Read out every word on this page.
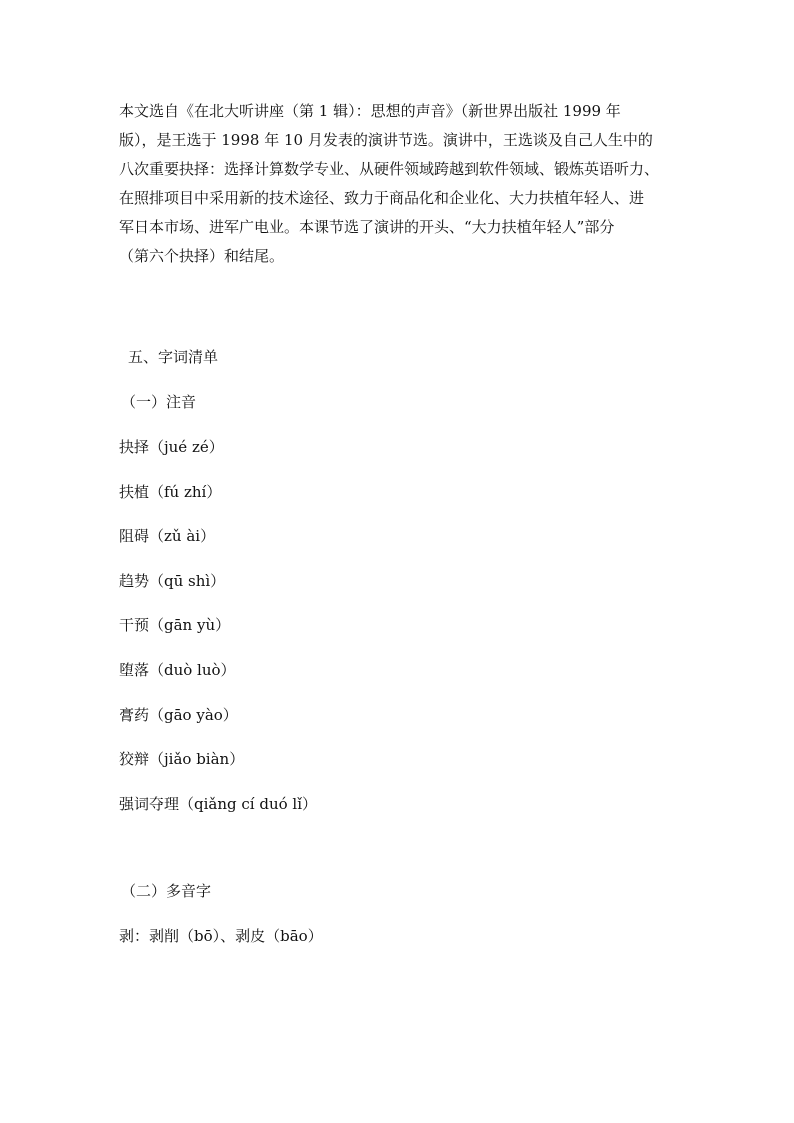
本文选自《在北大听讲座（第 1 辑）：思想的声音》（新世界出版社 1999 年
版），是王选于 1998 年 10 月发表的演讲节选。演讲中，王选谈及自己人生中的
八次重要抉择：选择计算数学专业、从硬件领域跨越到软件领域、锻炼英语听力、
在照排项目中采用新的技术途径、致力于商品化和企业化、大力扶植年轻人、进
军日本市场、进军广电业。本课节选了演讲的开头、“大力扶植年轻人”部分
（第六个抉择）和结尾。
五、字词清单
（一）注音
抉择（jué zé）
扶植（fú zhí）
阻碍（zǔ ài）
趋势（qū shì）
干预（gān yù）
堕落（duò luò）
膏药（gāo yào）
狡辩（jiǎo biàn）
强词夺理（qiǎng cí duó lǐ）
（二）多音字
剥：剥削（bō）、剥皮（bāo）
